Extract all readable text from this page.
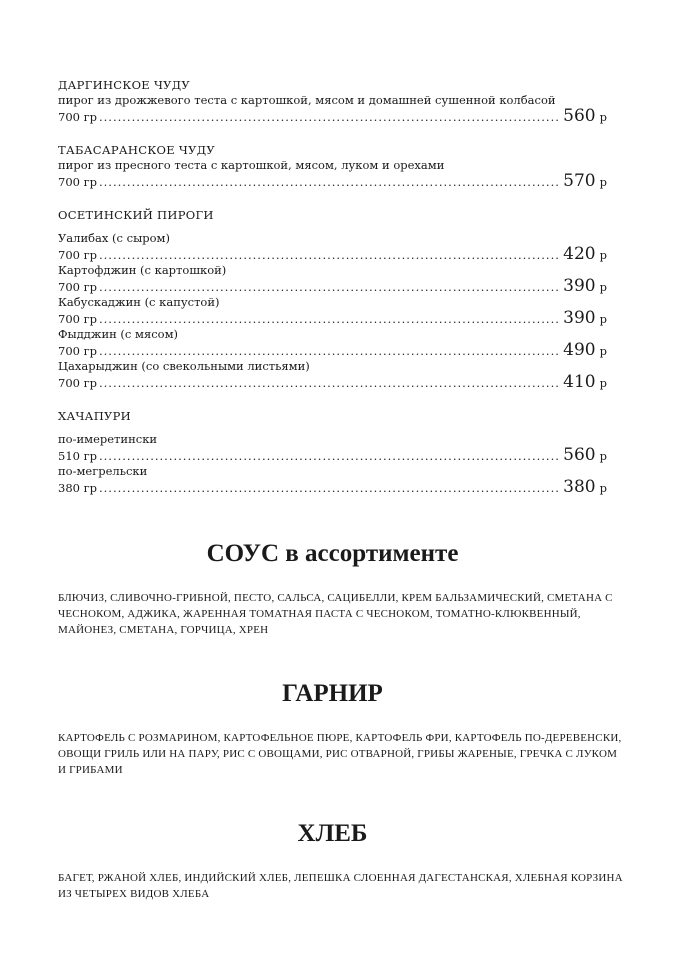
ДАРГИНСКОЕ ЧУДУ
пирог из дрожжевого теста с картошкой, мясом и домашней сушенной колбасой
700 гр .....	560 р
ТАБАСАРАНСКОЕ ЧУДУ
пирог из пресного теста с картошкой, мясом, луком и орехами
700 гр .....	570 р
ОСЕТИНСКИЙ ПИРОГИ
Уалибах (с сыром)
700 гр .....	420 р
Картофджин (с картошкой)
700 гр .....	390 р
Кабускаджин (с капустой)
700 гр .....	390 р
Фыдджин (с мясом)
700 гр .....	490 р
Цахарыджин (со свекольными листьями)
700 гр .....	410 р
ХАЧАПУРИ
по-имеретински
510 гр .....	560 р
по-мегрельски
380 гр .....	380 р
СОУС в ассортименте
БЛЮЧИЗ, СЛИВОЧНО-ГРИБНОЙ, ПЕСТО, САЛЬСА, САЦИБЕЛЛИ, КРЕМ БАЛЬЗАМИЧЕСКИЙ, СМЕТАНА С ЧЕСНОКОМ, АДЖИКА, ЖАРЕННАЯ ТОМАТНАЯ ПАСТА С ЧЕСНОКОМ, ТОМАТНО-КЛЮКВЕННЫЙ, МАЙОНЕЗ, СМЕТАНА, ГОРЧИЦА, ХРЕН
ГАРНИР
КАРТОФЕЛЬ С РОЗМАРИНОМ, КАРТОФЕЛЬНОЕ ПЮРЕ, КАРТОФЕЛЬ ФРИ, КАРТОФЕЛЬ ПО-ДЕРЕВЕНСКИ, ОВОЩИ ГРИЛЬ ИЛИ НА ПАРУ, РИС С ОВОЩАМИ, РИС ОТВАРНОЙ, ГРИБЫ ЖАРЕНЫЕ, ГРЕЧКА С ЛУКОМ И ГРИБАМИ
ХЛЕБ
БАГЕТ, РЖАНОЙ ХЛЕБ, ИНДИЙСКИЙ ХЛЕБ, ЛЕПЕШКА СЛОЕННАЯ ДАГЕСТАНСКАЯ, ХЛЕБНАЯ КОРЗИНА ИЗ ЧЕТЫРЕХ ВИДОВ ХЛЕБА
